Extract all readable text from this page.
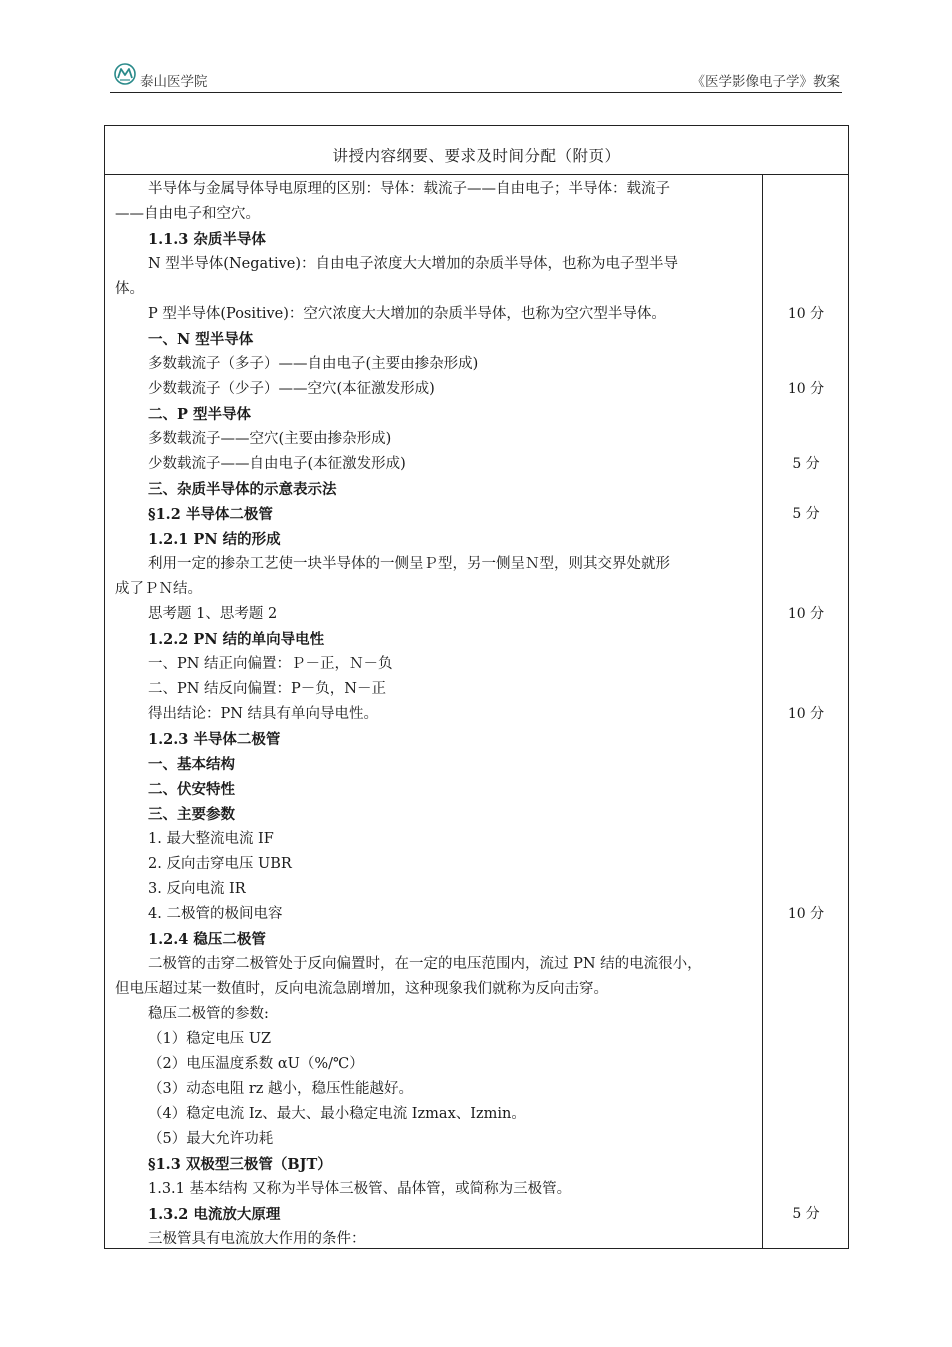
泰山医学院	《医学影像电子学》教案
讲授内容纲要、要求及时间分配（附页）
半导体与金属导体导电原理的区别：导体：载流子——自由电子；半导体：载流子
——自由电子和空穴。
1.1.3 杂质半导体
N 型半导体(Negative)：自由电子浓度大大增加的杂质半导体，也称为电子型半导
体。
P 型半导体(Positive)：空穴浓度大大增加的杂质半导体，也称为空穴型半导体。
一、N 型半导体
多数载流子（多子）——自由电子(主要由掺杂形成)
少数载流子（少子）——空穴(本征激发形成)
二、P 型半导体
多数载流子——空穴(主要由掺杂形成)
少数载流子——自由电子(本征激发形成)
三、杂质半导体的示意表示法
§1.2 半导体二极管
1.2.1 PN 结的形成
利用一定的掺杂工艺使一块半导体的一侧呈Ｐ型，另一侧呈Ｎ型，则其交界处就形
成了ＰＮ结。
思考题 1、思考题 2
1.2.2 PN 结的单向导电性
一、PN 结正向偏置：Ｐ－正，Ｎ－负
二、PN 结反向偏置：P－负，N－正
得出结论：PN 结具有单向导电性。
1.2.3 半导体二极管
一、基本结构
二、伏安特性
三、主要参数
1. 最大整流电流 IF
2. 反向击穿电压 UBR
3. 反向电流 IR
4. 二极管的极间电容
1.2.4 稳压二极管
二极管的击穿二极管处于反向偏置时，在一定的电压范围内，流过 PN 结的电流很小，
但电压超过某一数值时，反向电流急剧增加，这种现象我们就称为反向击穿。
稳压二极管的参数:
（1）稳定电压 UZ
（2）电压温度系数 αU（%/℃）
（3）动态电阻 rz 越小，稳压性能越好。
（4）稳定电流 Iz、最大、最小稳定电流 Izmax、Izmin。
（5）最大允许功耗
§1.3 双极型三极管（BJT）
1.3.1 基本结构 又称为半导体三极管、晶体管，或简称为三极管。
1.3.2 电流放大原理
三极管具有电流放大作用的条件：
10 分
10 分
5 分
5 分
10 分
10 分
10 分
5 分
